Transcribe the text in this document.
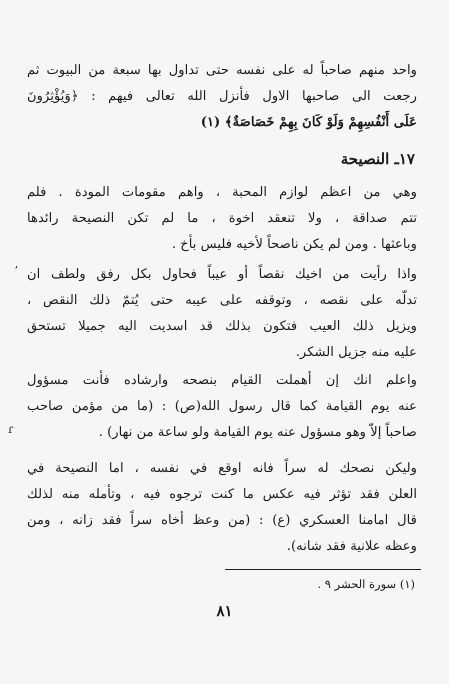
واحد منهم صاحباً له على نفسه حتى تداول بها سبعة من البيوت ثم رجعت الى صاحبها الاول فأنزل الله تعالى فيهم : ﴿وَيُؤْثِرُونَ
عَلَى أَنْفُسِهِمْ وَلَوْ كَانَ بِهِمْ خَصَاصَةٌ﴾ (١)
١٧ـ النصيحة
وهي من اعظم لوازم المحبة ، واهم مقومات المودة . فلم
تتم صداقة ، ولا تنعقد اخوة ، ما لم تكن النصيحة رائدها
وباعثها . ومن لم يكن ناصحاً لأخيه فليس بأخ .
واذا رأيت من اخيك نقصاً أو عيباً فحاول بكل رفق ولطف ان
تدلّه على نقصه ، وتوقفه على عيبه حتى يُتمّ ذلك النقص ،
ويزيل ذلك العيب فتكون بذلك قد اسديت اليه جميلا تستحق
عليه منه جزيل الشكر.
واعلم انك إن أهملت القيام بنصحه وارشاده فأنت مسؤول
عنه يوم القيامة كما قال رسول الله(ص) : (ما من مؤمن صاحب
صاحباً إلاّ وهو مسؤول عنه يوم القيامة ولو ساعة من نهار) .
وليكن نصحك له سراً فانه اوقع في نفسه ، اما النصيحة في
العلن فقد تؤثر فيه عكس ما كنت ترجوه فيه ، وتأمله منه لذلك
قال امامنا العسكري (ع) : (من وعظ أخاه سراً فقد زانه ، ومن
وعظه علانية فقد شانه).
(١) سورة الحشر ٩ .
٨١
ʼ
ɾ
